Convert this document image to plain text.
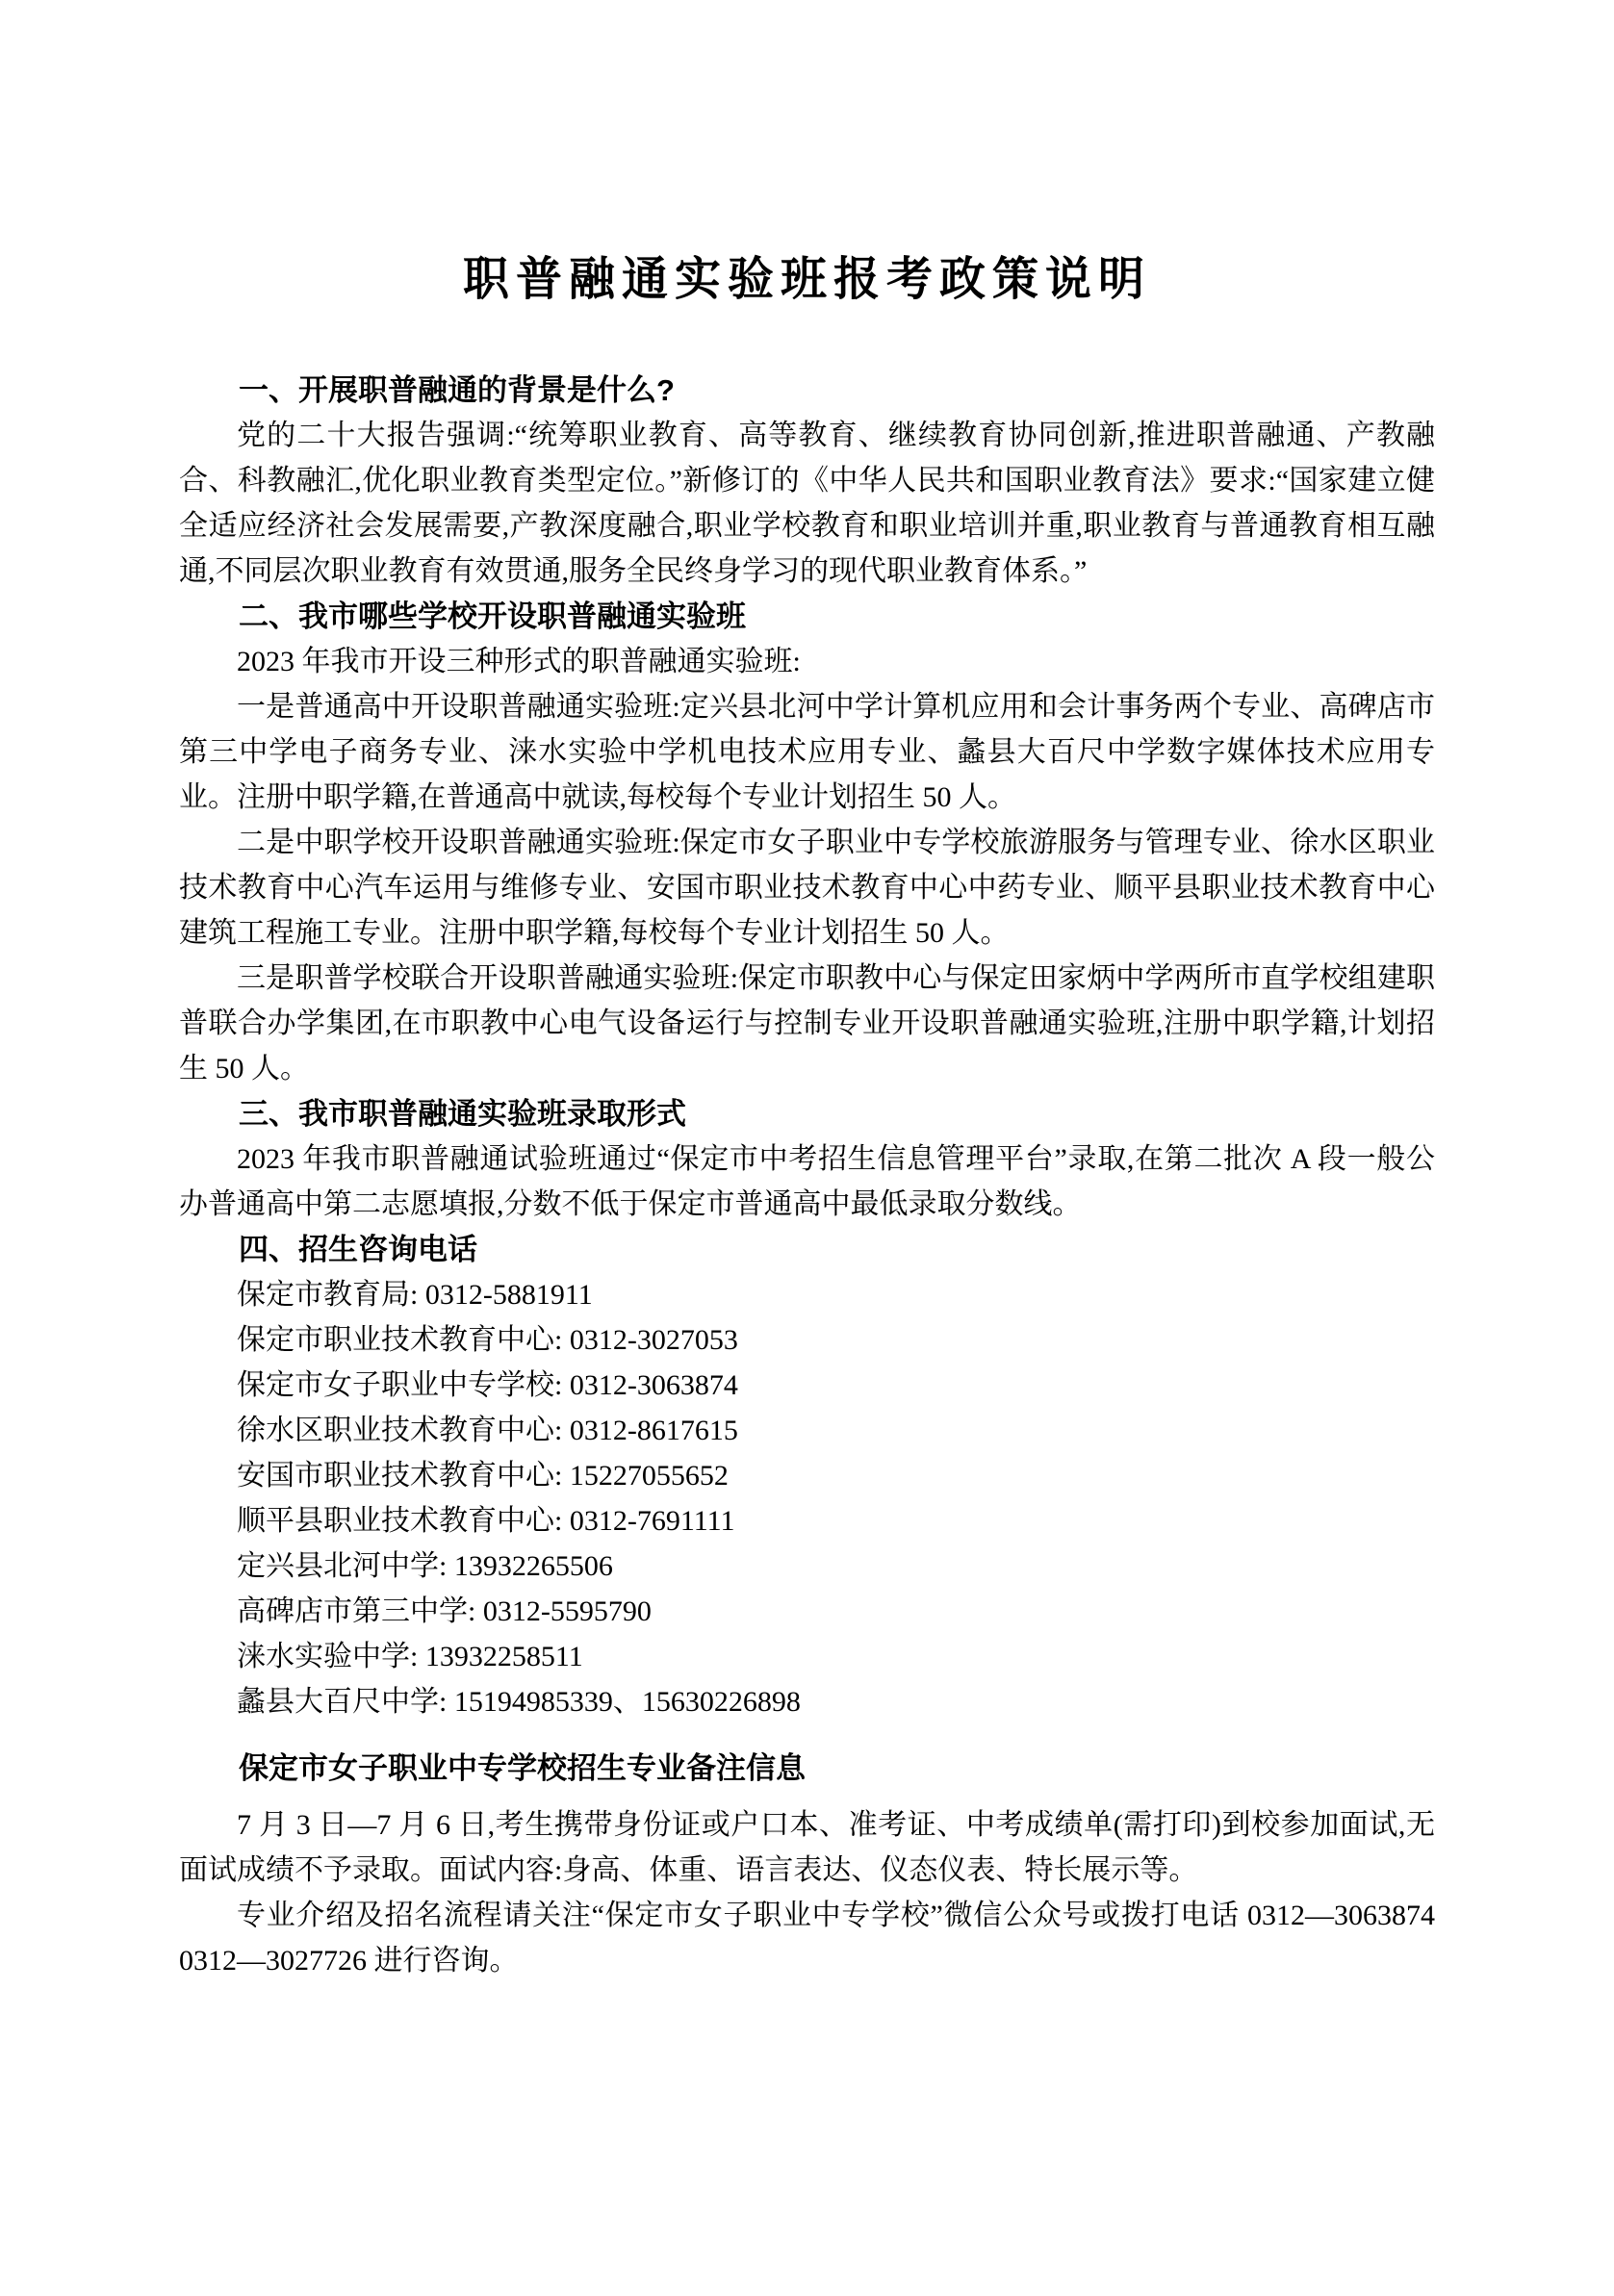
职普融通实验班报考政策说明
一、开展职普融通的背景是什么?

党的二十大报告强调:“统筹职业教育、高等教育、继续教育协同创新,推进职普融通、产教融合、科教融汇,优化职业教育类型定位。”新修订的《中华人民共和国职业教育法》要求:“国家建立健全适应经济社会发展需要,产教深度融合,职业学校教育和职业培训并重,职业教育与普通教育相互融通,不同层次职业教育有效贯通,服务全民终身学习的现代职业教育体系。”

二、我市哪些学校开设职普融通实验班

2023 年我市开设三种形式的职普融通实验班:

一是普通高中开设职普融通实验班:定兴县北河中学计算机应用和会计事务两个专业、高碑店市第三中学电子商务专业、涞水实验中学机电技术应用专业、蠡县大百尺中学数字媒体技术应用专业。注册中职学籍,在普通高中就读,每校每个专业计划招生 50 人。

二是中职学校开设职普融通实验班:保定市女子职业中专学校旅游服务与管理专业、徐水区职业技术教育中心汽车运用与维修专业、安国市职业技术教育中心中药专业、顺平县职业技术教育中心建筑工程施工专业。注册中职学籍,每校每个专业计划招生 50 人。

三是职普学校联合开设职普融通实验班:保定市职教中心与保定田家炳中学两所市直学校组建职普联合办学集团,在市职教中心电气设备运行与控制专业开设职普融通实验班,注册中职学籍,计划招生 50 人。

三、我市职普融通实验班录取形式

2023 年我市职普融通试验班通过“保定市中考招生信息管理平台”录取,在第二批次 A 段一般公办普通高中第二志愿填报,分数不低于保定市普通高中最低录取分数线。

四、招生咨询电话
保定市教育局: 0312-5881911
保定市职业技术教育中心: 0312-3027053
保定市女子职业中专学校: 0312-3063874
徐水区职业技术教育中心: 0312-8617615
安国市职业技术教育中心: 15227055652
顺平县职业技术教育中心: 0312-7691111
定兴县北河中学: 13932265506
高碑店市第三中学: 0312-5595790
涞水实验中学: 13932258511
蠡县大百尺中学: 15194985339、15630226898
保定市女子职业中专学校招生专业备注信息

7 月 3 日—7 月 6 日,考生携带身份证或户口本、准考证、中考成绩单(需打印)到校参加面试,无面试成绩不予录取。面试内容:身高、体重、语言表达、仪态仪表、特长展示等。

专业介绍及招名流程请关注“保定市女子职业中专学校”微信公众号或拨打电话 0312—3063874　0312—3027726 进行咨询。
